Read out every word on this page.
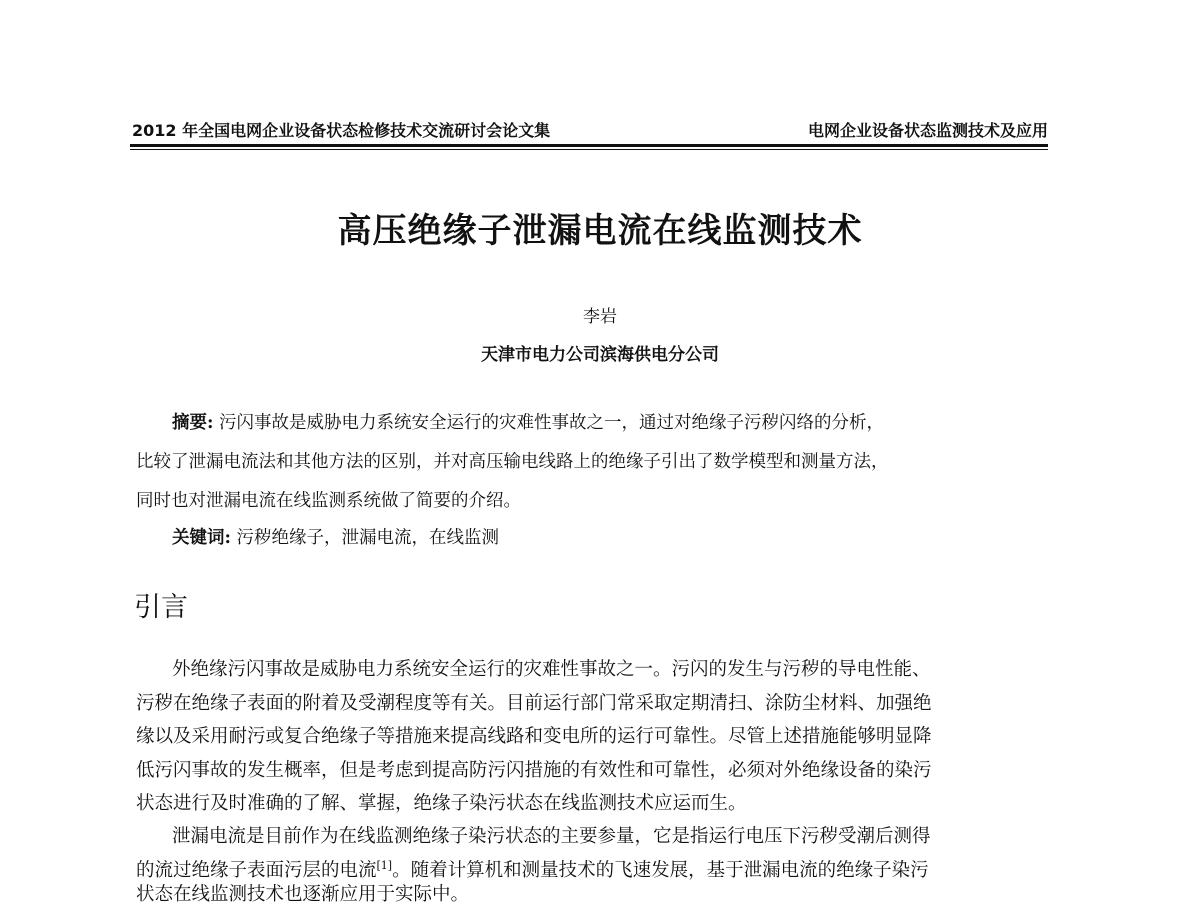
2012 年全国电网企业设备状态检修技术交流研讨会论文集	电网企业设备状态监测技术及应用
高压绝缘子泄漏电流在线监测技术
李岩
天津市电力公司滨海供电分公司
摘要: 污闪事故是威胁电力系统安全运行的灾难性事故之一，通过对绝缘子污秽闪络的分析，
比较了泄漏电流法和其他方法的区别，并对高压输电线路上的绝缘子引出了数学模型和测量方法，
同时也对泄漏电流在线监测系统做了简要的介绍。
关键词: 污秽绝缘子，泄漏电流，在线监测
引言
外绝缘污闪事故是威胁电力系统安全运行的灾难性事故之一。污闪的发生与污秽的导电性能、
污秽在绝缘子表面的附着及受潮程度等有关。目前运行部门常采取定期清扫、涂防尘材料、加强绝
缘以及采用耐污或复合绝缘子等措施来提高线路和变电所的运行可靠性。尽管上述措施能够明显降
低污闪事故的发生概率，但是考虑到提高防污闪措施的有效性和可靠性，必须对外绝缘设备的染污
状态进行及时准确的了解、掌握，绝缘子染污状态在线监测技术应运而生。
泄漏电流是目前作为在线监测绝缘子染污状态的主要参量，它是指运行电压下污秽受潮后测得
的流过绝缘子表面污层的电流[1]。随着计算机和测量技术的飞速发展，基于泄漏电流的绝缘子染污
状态在线监测技术也逐渐应用于实际中。
